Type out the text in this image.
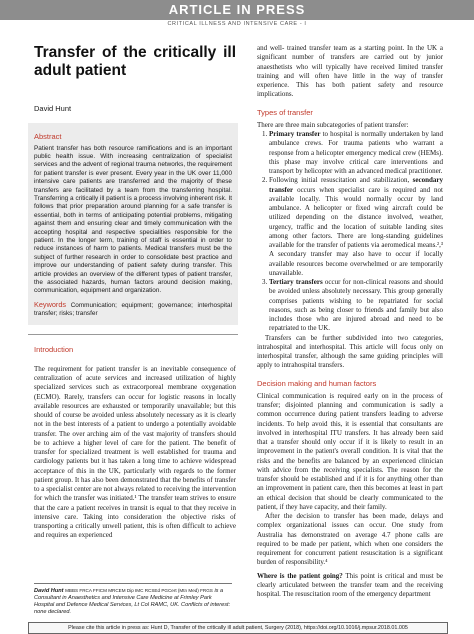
ARTICLE IN PRESS
CRITICAL ILLNESS AND INTENSIVE CARE - I
Transfer of the critically ill adult patient
David Hunt
Abstract

Patient transfer has both resource ramifications and is an important public health issue. With increasing centralization of specialist services and the advent of regional trauma networks, the requirement for patient transfer is ever present. Every year in the UK over 11,000 intensive care patients are transferred and the majority of these transfers are facilitated by a team from the transferring hospital. Transferring a critically ill patient is a process involving inherent risk. It follows that prior preparation around planning for a safe transfer is essential, both in terms of anticipating potential problems, mitigating against them and ensuring clear and timely communication with the accepting hospital and respective specialities responsible for the patient. In the longer term, training of staff is essential in order to reduce instances of harm to patients. Medical transfers must be the subject of further research in order to consolidate best practice and improve our understanding of patient safety during transfer. This article provides an overview of the different types of patient transfer, the associated hazards, human factors around decision making, communication, equipment and organization.

Keywords Communication; equipment; governance; interhospital transfer; risks; transfer
Introduction

The requirement for patient transfer is an inevitable consequence of centralization of acute services and increased utilization of highly specialized services such as extracorporeal membrane oxygenation (ECMO). Rarely, transfers can occur for logistic reasons in locally available resources are exhausted or temporarily unavailable; but this should of course be avoided unless absolutely necessary as it is clearly not in the best interests of a patient to undergo a potentially avoidable transfer. The over arching aim of the vast majority of transfers should be to achieve a higher level of care for the patient. The benefit of transfer for specialized treatment is well established for trauma and cardiology patients but it has taken a long time to achieve widespread acceptance of this in the UK, particularly with regards to the former patient group. It has also been demonstrated that the benefits of transfer to a specialist center are not always related to receiving the intervention for which the transfer was initiated.¹ The transfer team strives to ensure that the care a patient receives in transit is equal to that they receive in intensive care. Taking into consideration the objective risks of transporting a critically unwell patient, this is often difficult to achieve and requires an experienced

David Hunt MBBS FRCA FFICM MRCEM Dip IMC RCSEd PGCert (Mtn Med) FRGS is a Consultant in Anaesthetics and Intensive Care Medicine at Frimley Park Hospital and Defence Medical Services, Lt Col RAMC, UK. Conflicts of interest: none declared.

and well- trained transfer team as a starting point. In the UK a significant number of transfers are carried out by junior anaesthetists who will typically have received limited transfer training and will often have little in the way of transfer experience. This has both patient safety and resource implications.

Types of transfer

There are three main subcategories of patient transfer:

1. Primary transfer to hospital is normally undertaken by land ambulance crews. For trauma patients who warrant a response from a helicopter emergency medical crew (HEMs). this phase may involve critical care interventions and transport by helicopter with an advanced medical practitioner.
2. Following initial resuscitation and stabilization, secondary transfer occurs when specialist care is required and not available locally. This would normally occur by land ambulance. A helicopter or fixed wing aircraft could be utilized depending on the distance involved, weather, urgency, traffic and the location of suitable landing sites among other factors. There are long-standing guidelines available for the transfer of patients via aeromedical means.²,³ A secondary transfer may also have to occur if locally available resources become overwhelmed or are temporarily unavailable.
3. Tertiary transfers occur for non-clinical reasons and should be avoided unless absolutely necessary. This group generally comprises patients wishing to be repatriated for social reasons, such as being closer to friends and family but also includes those who are injured abroad and need to be repatriated to the UK.

Transfers can be further subdivided into two categories, intrahospital and interhospital. This article will focus only on interhospital transfer, although the same guiding principles will apply to intrahospital transfers.

Decision making and human factors

Clinical communication is required early on in the process of transfer; disjointed planning and communication is sadly a common occurrence during patient transfers leading to adverse incidents. To help avoid this, it is essential that consultants are involved in interhospital ITU transfers. It has already been said that a transfer should only occur if it is likely to result in an improvement in the patient's overall condition. It is vital that the risks and the benefits are balanced by an experienced clinician with advice from the receiving specialists. The reason for the transfer should be established and if it is for anything other than an improvement in patient care, then this becomes at least in part an ethical decision that should be clearly communicated to the patient, if they have capacity, and their family.

After the decision to transfer has been made, delays and complex organizational issues can occur. One study from Australia has demonstrated on average 4.7 phone calls are required to be made per patient, which when one considers the requirement for concurrent patient resuscitation is a significant burden of responsibility.⁴

Where is the patient going? This point is critical and must be clearly articulated between the transfer team and the receiving hospital. The resuscitation room of the emergency department

Please cite this article in press as: Hunt D, Transfer of the critically ill adult patient, Surgery (2018), https://doi.org/10.1016/j.mpsur.2018.01.005
